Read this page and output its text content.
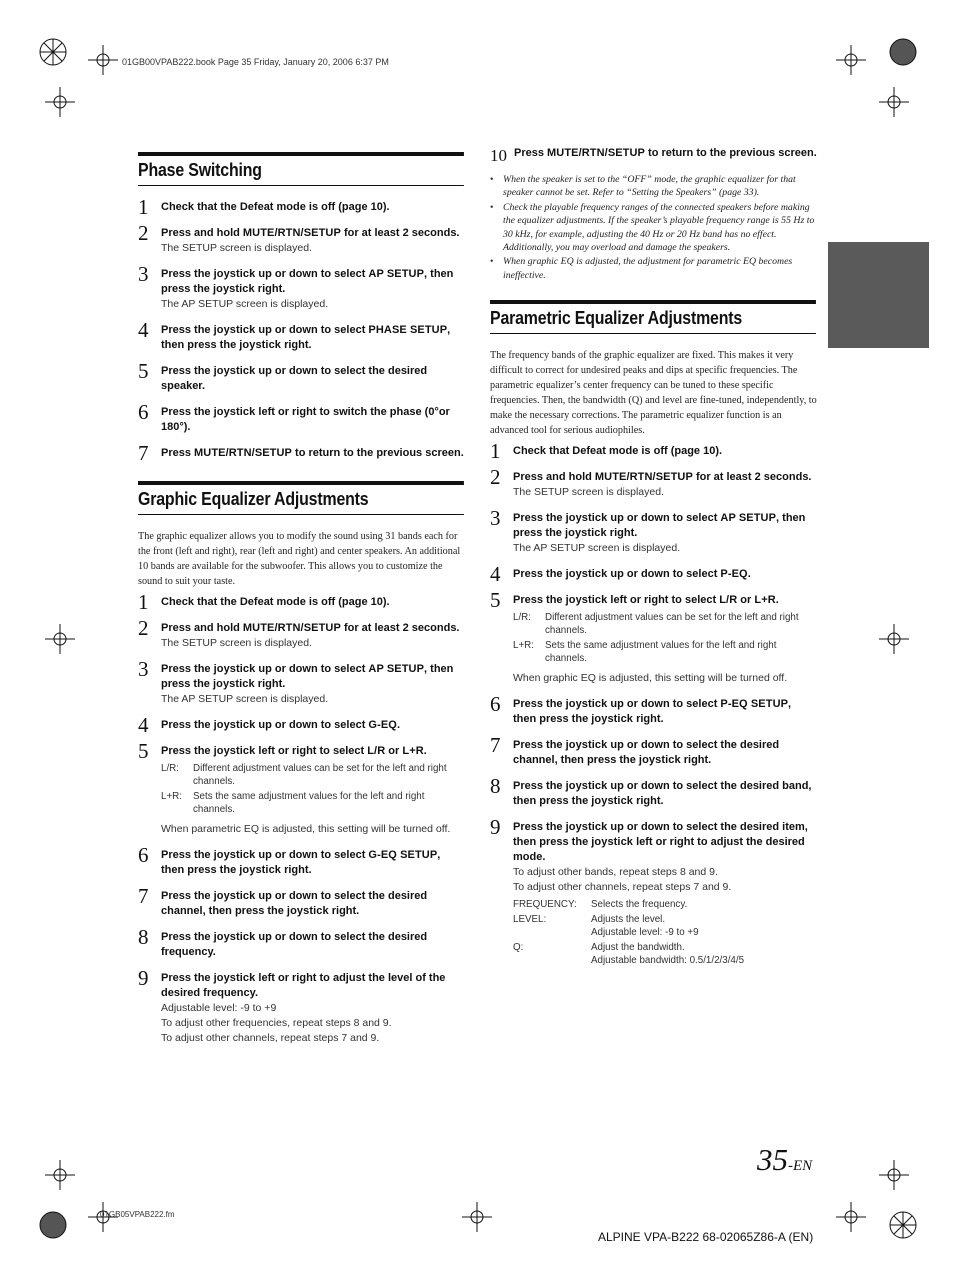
01GB00VPAB222.book Page 35 Friday, January 20, 2006 6:37 PM
Phase Switching
1 Check that the Defeat mode is off (page 10).
2 Press and hold MUTE/RTN/SETUP for at least 2 seconds.
The SETUP screen is displayed.
3 Press the joystick up or down to select AP SETUP, then press the joystick right.
The AP SETUP screen is displayed.
4 Press the joystick up or down to select PHASE SETUP, then press the joystick right.
5 Press the joystick up or down to select the desired speaker.
6 Press the joystick left or right to switch the phase (0°or 180°).
7 Press MUTE/RTN/SETUP to return to the previous screen.
Graphic Equalizer Adjustments

The graphic equalizer allows you to modify the sound using 31 bands each for the front (left and right), rear (left and right) and center speakers. An additional 10 bands are available for the subwoofer. This allows you to customize the sound to suit your taste.

1 Check that the Defeat mode is off (page 10).
2 Press and hold MUTE/RTN/SETUP for at least 2 seconds.
The SETUP screen is displayed.
3 Press the joystick up or down to select AP SETUP, then press the joystick right.
The AP SETUP screen is displayed.
4 Press the joystick up or down to select G-EQ.
5 Press the joystick left or right to select L/R or L+R.
L/R:	Different adjustment values can be set for the left and right channels.
L+R:	Sets the same adjustment values for the left and right channels.
When parametric EQ is adjusted, this setting will be turned off.
6 Press the joystick up or down to select G-EQ SETUP, then press the joystick right.
7 Press the joystick up or down to select the desired channel, then press the joystick right.
8 Press the joystick up or down to select the desired frequency.
9 Press the joystick left or right to adjust the level of the desired frequency.
Adjustable level: -9 to +9
To adjust other frequencies, repeat steps 8 and 9.
To adjust other channels, repeat steps 7 and 9.
10 Press MUTE/RTN/SETUP to return to the previous screen.
• When the speaker is set to the “OFF” mode, the graphic equalizer for that speaker cannot be set. Refer to “Setting the Speakers” (page 33).
• Check the playable frequency ranges of the connected speakers before making the equalizer adjustments. If the speaker’s playable frequency range is 55 Hz to 30 kHz, for example, adjusting the 40 Hz or 20 Hz band has no effect. Additionally, you may overload and damage the speakers.
• When graphic EQ is adjusted, the adjustment for parametric EQ becomes ineffective.
Parametric Equalizer Adjustments

The frequency bands of the graphic equalizer are fixed. This makes it very difficult to correct for undesired peaks and dips at specific frequencies. The parametric equalizer’s center frequency can be tuned to these specific frequencies. Then, the bandwidth (Q) and level are fine-tuned, independently, to make the necessary corrections. The parametric equalizer function is an advanced tool for serious audiophiles.

1 Check that Defeat mode is off (page 10).
2 Press and hold MUTE/RTN/SETUP for at least 2 seconds.
The SETUP screen is displayed.
3 Press the joystick up or down to select AP SETUP, then press the joystick right.
The AP SETUP screen is displayed.
4 Press the joystick up or down to select P-EQ.
5 Press the joystick left or right to select L/R or L+R.
L/R:	Different adjustment values can be set for the left and right channels.
L+R:	Sets the same adjustment values for the left and right channels.
When graphic EQ is adjusted, this setting will be turned off.
6 Press the joystick up or down to select P-EQ SETUP, then press the joystick right.
7 Press the joystick up or down to select the desired channel, then press the joystick right.
8 Press the joystick up or down to select the desired band, then press the joystick right.
9 Press the joystick up or down to select the desired item, then press the joystick left or right to adjust the desired mode.
To adjust other bands, repeat steps 8 and 9.
To adjust other channels, repeat steps 7 and 9.
FREQUENCY:	Selects the frequency.
LEVEL:	Adjusts the level.
Adjustable level: -9 to +9

Q:	Adjust the bandwidth.
Adjustable bandwidth: 0.5/1/2/3/4/5
35-EN
01GB05VPAB222.fm
ALPINE VPA-B222 68-02065Z86-A (EN)
